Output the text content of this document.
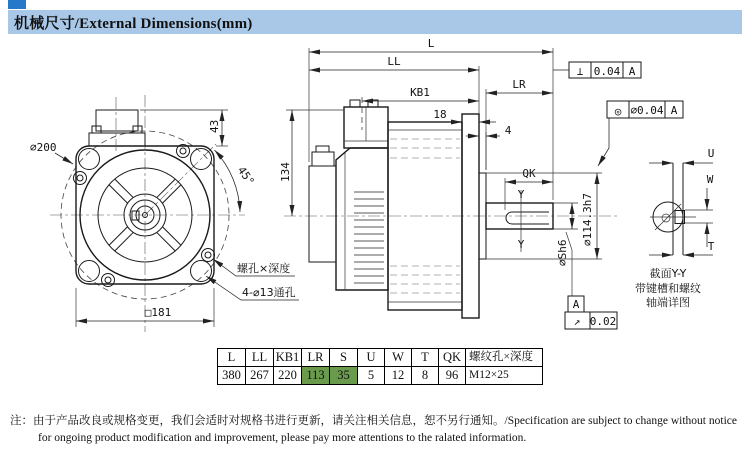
机械尺寸/External Dimensions(mm)
43
⌀200
45°
□181
螺孔×深度
4-⌀13通孔
Y
Y
134
L
LL
LR
KB1
18
4
QK
⌀Sh6
⌀114.3h7
⊥ 0.04 A
◎ ⌀0.04 A
A
↗ 0.02
U
T
W
截面Y-Y
带键槽和螺纹
轴端详图
L	LL KB1 LR	S	U	W	T	QK 螺纹孔×深度
380 267 220 113	35	5	12	8	96 M12×25
注：由于产品改良或规格变更，我们会适时对规格书进行更新，请关注相关信息，恕不另行通知。/Specification are subject to change without notice
for ongoing product modification and improvement, please pay more attentions to the ralated information.
